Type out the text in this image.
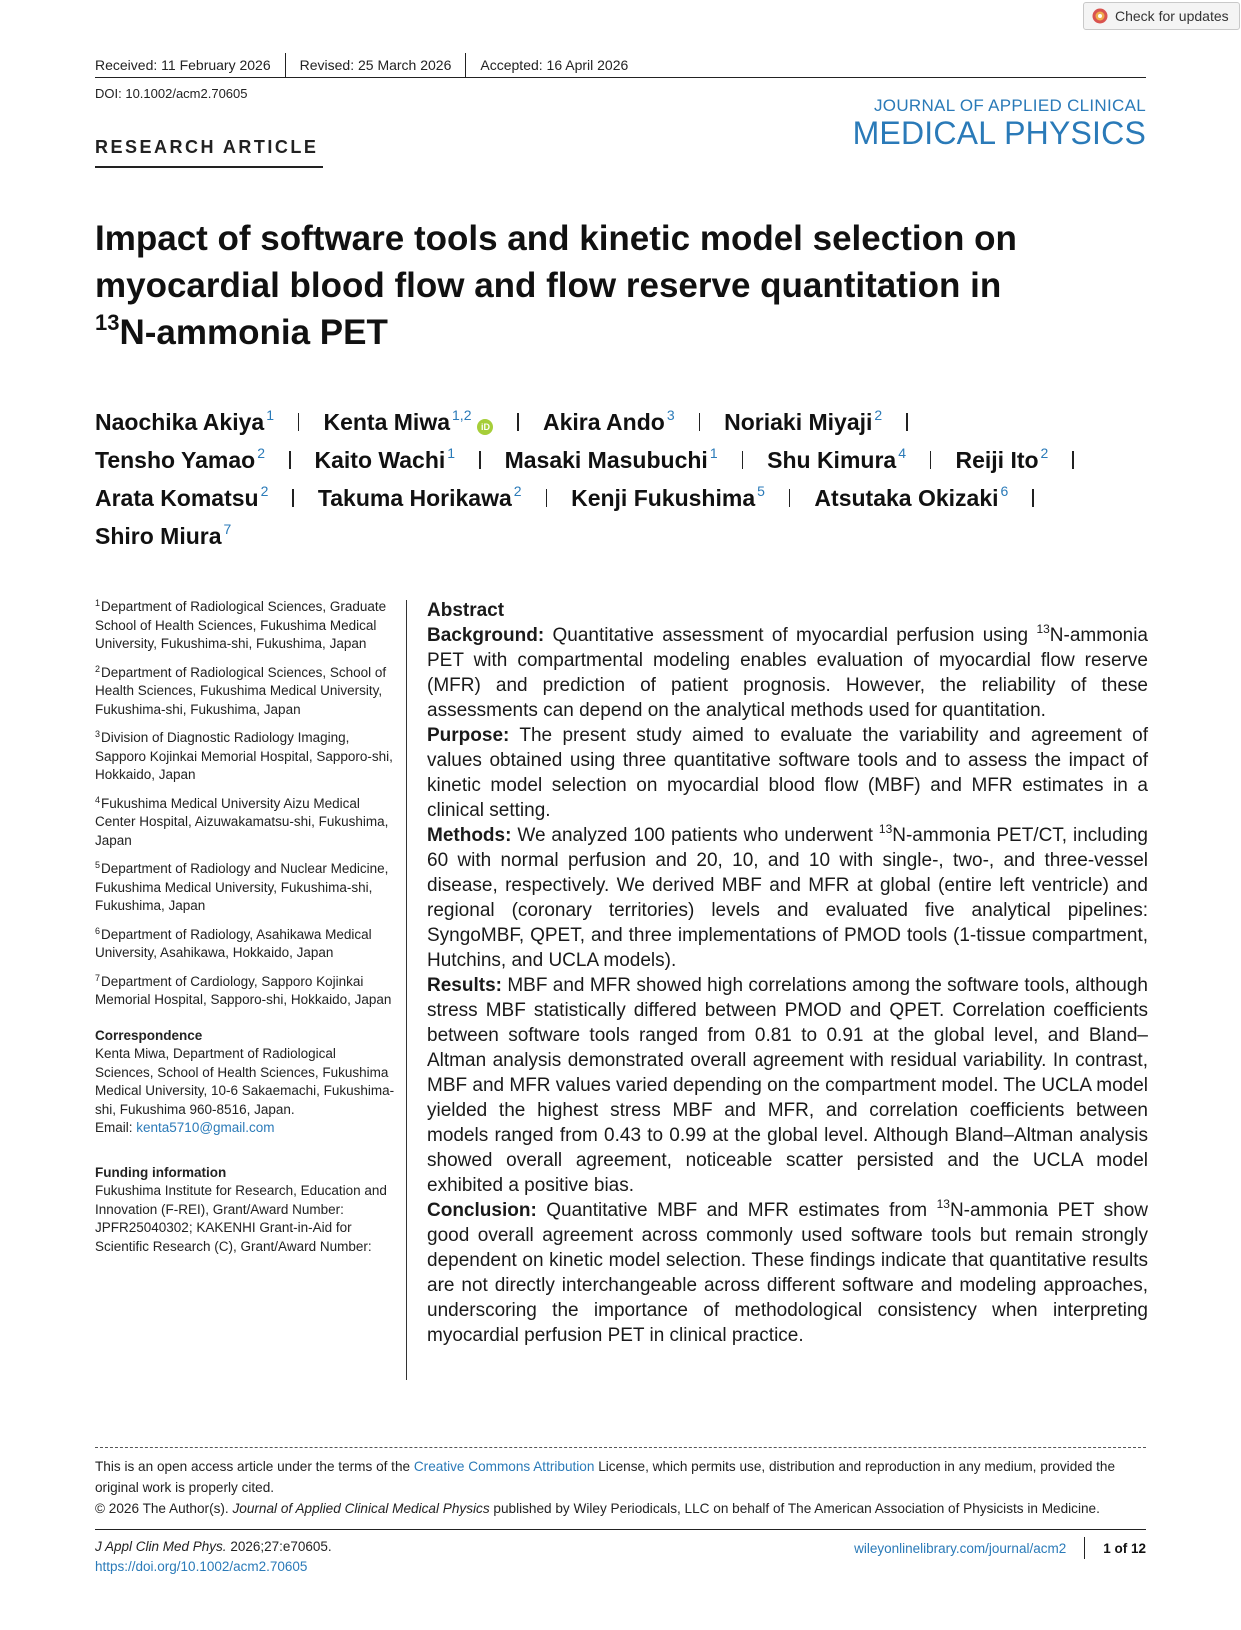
Check for updates
Received: 11 February 2026 Revised: 25 March 2026 Accepted: 16 April 2026
DOI: 10.1002/acm2.70605
JOURNAL OF APPLIED CLINICAL
MEDICAL PHYSICS
RESEARCH ARTICLE
Impact of software tools and kinetic model selection on
myocardial blood flow and flow reserve quantitation in
$^{13}$N-ammonia PET
Naochika Akiya$^1$ Kenta Miwa$^{1,2}$
iD Akira Ando$^3$ Noriaki Miyaji$^2$
Tensho Yamao$^2$ Kaito Wachi$^1$ Masaki Masubuchi$^1$ Shu Kimura$^4$ Reiji Ito$^2$
Arata Komatsu$^2$ Takuma Horikawa$^2$ Kenji Fukushima$^5$ Atsutaka Okizaki$^6$
Shiro Miura$^7$
$^1$Department of Radiological Sciences, Graduate School of Health Sciences, Fukushima Medical University, Fukushima-shi, Fukushima, Japan
$^2$Department of Radiological Sciences, School of Health Sciences, Fukushima Medical University, Fukushima-shi, Fukushima, Japan
$^3$Division of Diagnostic Radiology Imaging, Sapporo Kojinkai Memorial Hospital, Sapporo-shi, Hokkaido, Japan
$^4$Fukushima Medical University Aizu Medical Center Hospital, Aizuwakamatsu-shi, Fukushima, Japan
$^5$Department of Radiology and Nuclear Medicine, Fukushima Medical University, Fukushima-shi, Fukushima, Japan
$^6$Department of Radiology, Asahikawa Medical University, Asahikawa, Hokkaido, Japan
$^7$Department of Cardiology, Sapporo Kojinkai Memorial Hospital, Sapporo-shi, Hokkaido, Japan
Correspondence
Kenta Miwa, Department of Radiological Sciences, School of Health Sciences, Fukushima Medical University, 10-6 Sakaemachi, Fukushima-shi, Fukushima 960-8516, Japan.
Email: kenta5710@gmail.com
Funding information
Fukushima Institute for Research, Education and Innovation (F-REI), Grant/Award Number: JPFR25040302; KAKENHI Grant-in-Aid for Scientific Research (C), Grant/Award Number:

Abstract

Background: Quantitative assessment of myocardial perfusion using $^{13}$N-ammonia PET with compartmental modeling enables evaluation of myocardial flow reserve (MFR) and prediction of patient prognosis. However, the reliability of these assessments can depend on the analytical methods used for quantitation.

Purpose: The present study aimed to evaluate the variability and agreement of values obtained using three quantitative software tools and to assess the impact of kinetic model selection on myocardial blood flow (MBF) and MFR estimates in a clinical setting.

Methods: We analyzed 100 patients who underwent $^{13}$N-ammonia PET/CT, including 60 with normal perfusion and 20, 10, and 10 with single-, two-, and three-vessel disease, respectively. We derived MBF and MFR at global (entire left ventricle) and regional (coronary territories) levels and evaluated five analytical pipelines: SyngoMBF, QPET, and three implementations of PMOD tools (1-tissue compartment, Hutchins, and UCLA models).

Results: MBF and MFR showed high correlations among the software tools, although stress MBF statistically differed between PMOD and QPET. Correlation coefficients between software tools ranged from 0.81 to 0.91 at the global level, and Bland–Altman analysis demonstrated overall agreement with residual variability. In contrast, MBF and MFR values varied depending on the compartment model. The UCLA model yielded the highest stress MBF and MFR, and correlation coefficients between models ranged from 0.43 to 0.99 at the global level. Although Bland–Altman analysis showed overall agreement, noticeable scatter persisted and the UCLA model exhibited a positive bias.

Conclusion: Quantitative MBF and MFR estimates from $^{13}$N-ammonia PET show good overall agreement across commonly used software tools but remain strongly dependent on kinetic model selection. These findings indicate that quantitative results are not directly interchangeable across different software and modeling approaches, underscoring the importance of methodological consistency when interpreting myocardial perfusion PET in clinical practice.

This is an open access article under the terms of the Creative Commons Attribution License, which permits use, distribution and reproduction in any medium, provided the original work is properly cited.
© 2026 The Author(s). Journal of Applied Clinical Medical Physics published by Wiley Periodicals, LLC on behalf of The American Association of Physicists in Medicine.
J Appl Clin Med Phys. 2026;27:e70605.
https://doi.org/10.1002/acm2.70605
wileyonlinelibrary.com/journal/acm2	1 of 12
